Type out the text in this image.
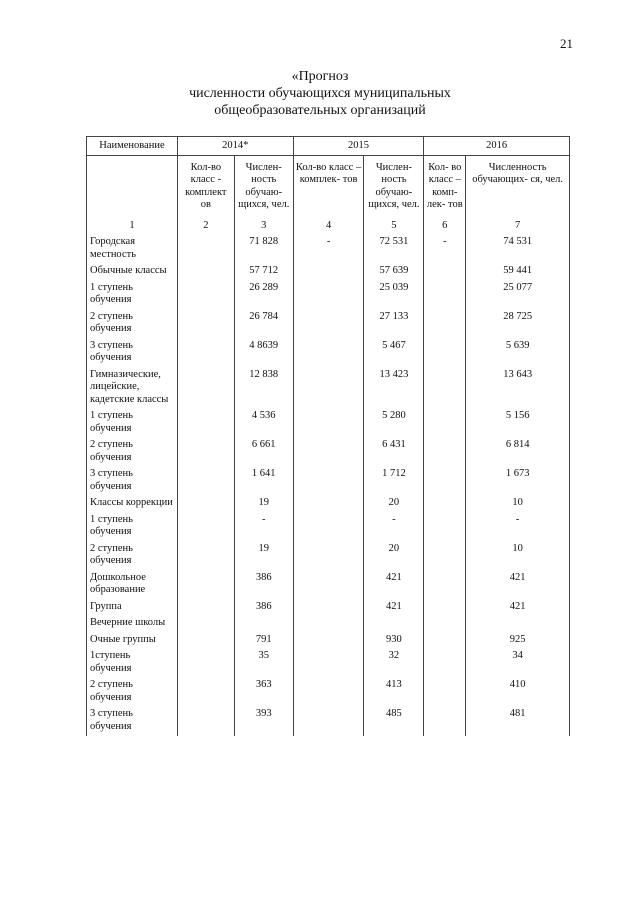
21
«Прогноз
численности обучающихся муниципальных
общеобразовательных организаций
Наименование	2014*		2015		2016	
	Кол-во класс - комплект ов	Числен- ность обучаю- щихся, чел.	Кол-во класс – комплек- тов	Числен- ность обучаю- щихся, чел.	Кол- во класс – комп- лек- тов	Численность обучающих- ся, чел.
1	2	3	4	5	6	7
Городская местность		71 828	-	72 531	-	74 531
Обычные классы		57 712		57 639		59 441
1 ступень обучения		26 289		25 039		25 077
2 ступень обучения		26 784		27 133		28 725
3 ступень обучения		4 8639		5 467		5 639
Гимназические, лицейские, кадетские классы		12 838		13 423		13 643
1 ступень обучения		4 536		5 280		5 156
2 ступень обучения		6 661		6 431		6 814
3 ступень обучения		1 641		1 712		1 673
Классы коррекции		19		20		10
1 ступень обучения		-		-		-
2 ступень обучения		19		20		10
Дошкольное образование		386		421		421
Группа		386		421		421
Вечерние школы						
Очные группы		791		930		925
1ступень обучения		35		32		34
2 ступень обучения		363		413		410
3 ступень обучения		393		485		481
